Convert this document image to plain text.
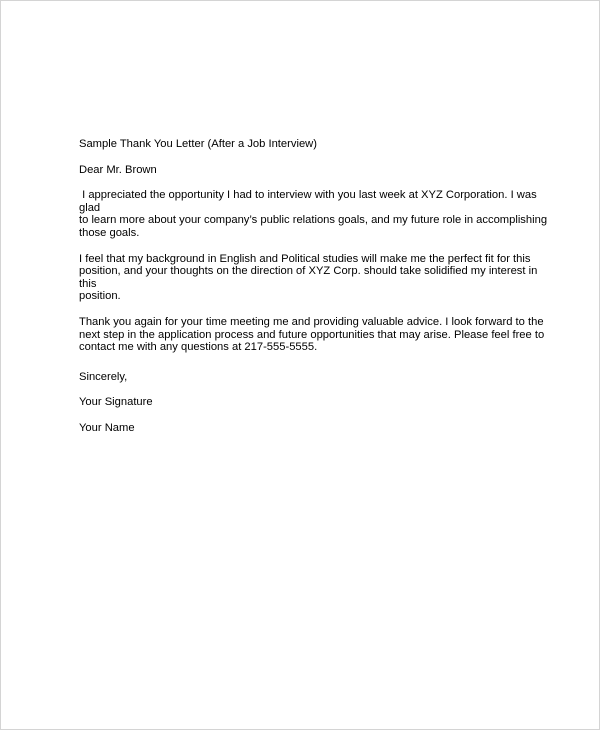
Sample Thank You Letter (After a Job Interview)

Dear Mr. Brown

I appreciated the opportunity I had to interview with you last week at XYZ Corporation. I was glad
to learn more about your company’s public relations goals, and my future role in accomplishing
those goals.

I feel that my background in English and Political studies will make me the perfect fit for this
position, and your thoughts on the direction of XYZ Corp. should take solidified my interest in this
position.

Thank you again for your time meeting me and providing valuable advice. I look forward to the
next step in the application process and future opportunities that may arise. Please feel free to
contact me with any questions at 217-555-5555.

Sincerely,

Your Signature

Your Name
